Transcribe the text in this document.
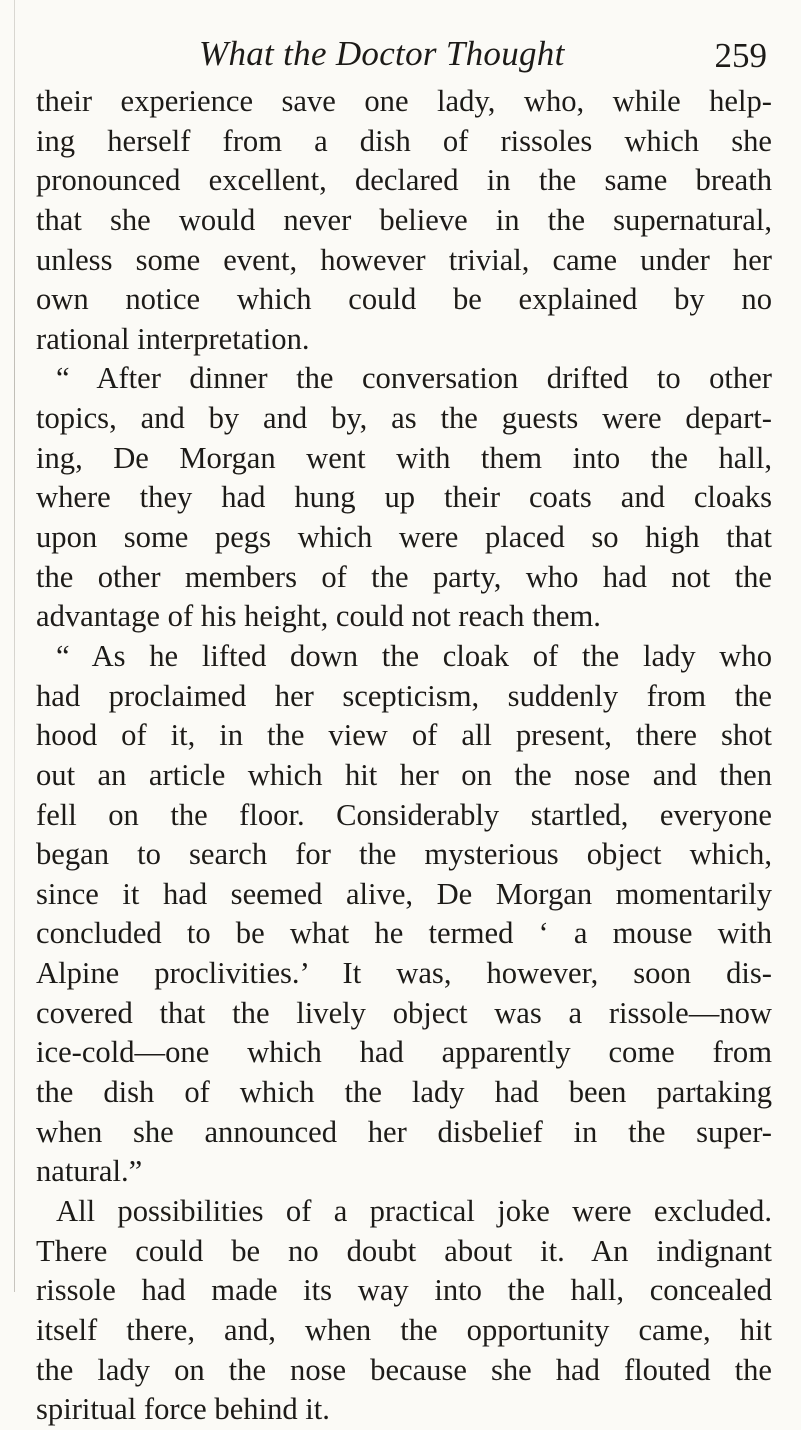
What the Doctor Thought	259
their experience save one lady, who, while help-
ing herself from a dish of rissoles which she
pronounced excellent, declared in the same breath
that she would never believe in the supernatural,
unless some event, however trivial, came under her
own notice which could be explained by no
rational interpretation.
“ After dinner the conversation drifted to other
topics, and by and by, as the guests were depart-
ing, De Morgan went with them into the hall,
where they had hung up their coats and cloaks
upon some pegs which were placed so high that
the other members of the party, who had not the
advantage of his height, could not reach them.
“ As he lifted down the cloak of the lady who
had proclaimed her scepticism, suddenly from the
hood of it, in the view of all present, there shot
out an article which hit her on the nose and then
fell on the floor. Considerably startled, everyone
began to search for the mysterious object which,
since it had seemed alive, De Morgan momentarily
concluded to be what he termed ‘ a mouse with
Alpine proclivities.’ It was, however, soon dis-
covered that the lively object was a rissole—now
ice-cold—one which had apparently come from
the dish of which the lady had been partaking
when she announced her disbelief in the super-
natural.”
All possibilities of a practical joke were excluded.
There could be no doubt about it. An indignant
rissole had made its way into the hall, concealed
itself there, and, when the opportunity came, hit
the lady on the nose because she had flouted the
spiritual force behind it.
